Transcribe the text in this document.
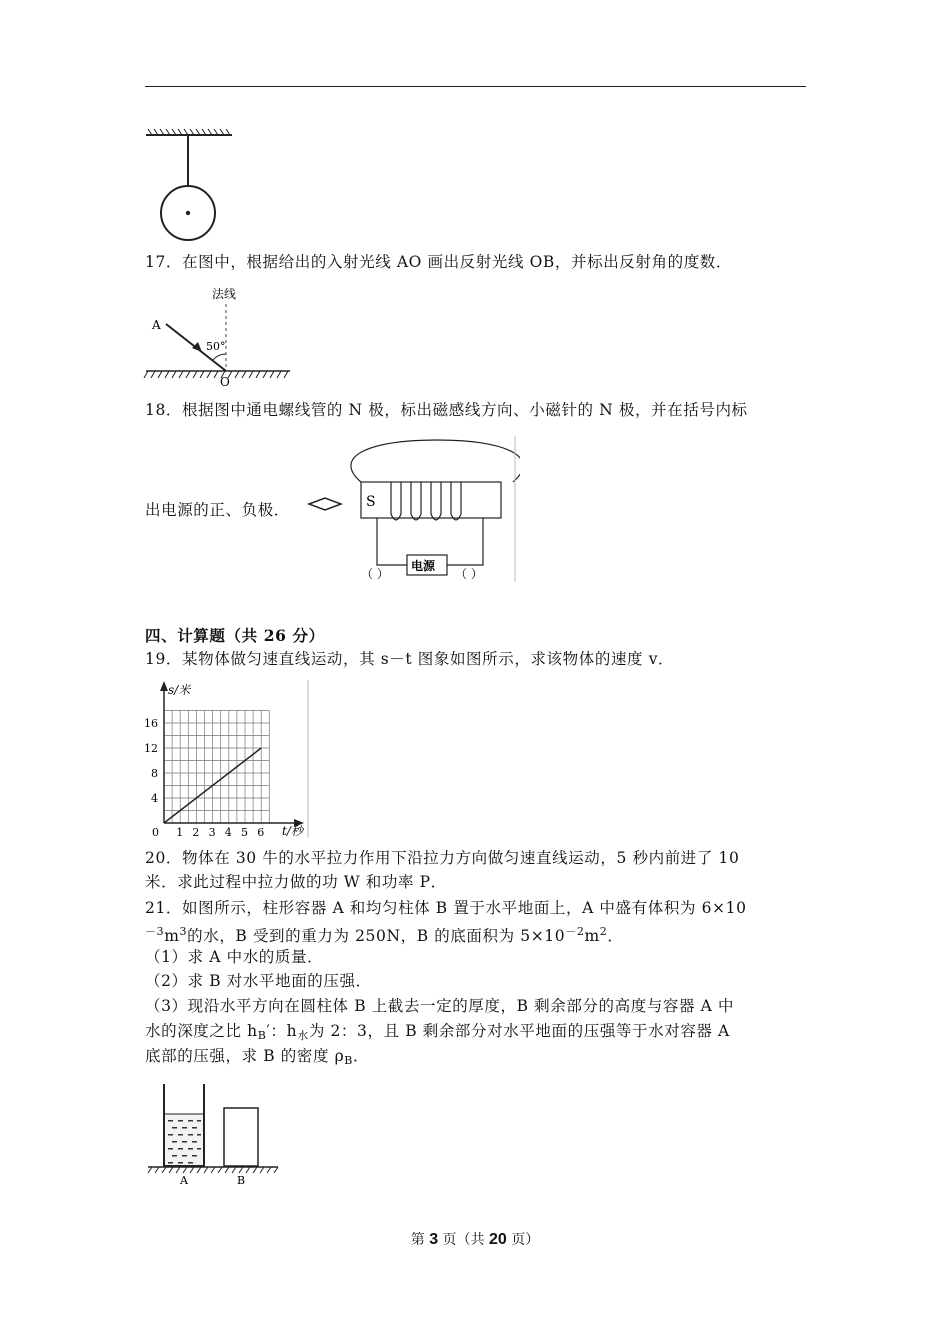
17．在图中，根据给出的入射光线 AO 画出反射光线 OB，并标出反射角的度数．
法线
A
50°
O
18．根据图中通电螺线管的 N 极，标出磁感线方向、小磁针的 N 极，并在括号内标
出电源的正、负极．	S
电源
（ ）	（ ）
四、计算题（共 26 分）
19．某物体做匀速直线运动，其 s－t 图象如图所示，求该物体的速度 v．
0 1 2 3 4 5 6
4
8
12
16
s/米
t/秒
20．物体在 30 牛的水平拉力作用下沿拉力方向做匀速直线运动，5 秒内前进了 10
米．求此过程中拉力做的功 W 和功率 P．
21．如图所示，柱形容器 A 和均匀柱体 B 置于水平地面上，A 中盛有体积为 6×10
$^{-3}m^3$的水，B 受到的重力为 250N，B 的底面积为 $5\times 10^{-2}m^2$．
（1）求 A 中水的质量．
（2）求 B 对水平地面的压强．
（3）现沿水平方向在圆柱体 B 上截去一定的厚度，B 剩余部分的高度与容器 A 中
水的深度之比 $h_B'$：$h_水$为 2：3，且 B 剩余部分对水平地面的压强等于水对容器 A
底部的压强，求 B 的密度 $\rho_B$．
A	B
第 3 页（共 20 页）
